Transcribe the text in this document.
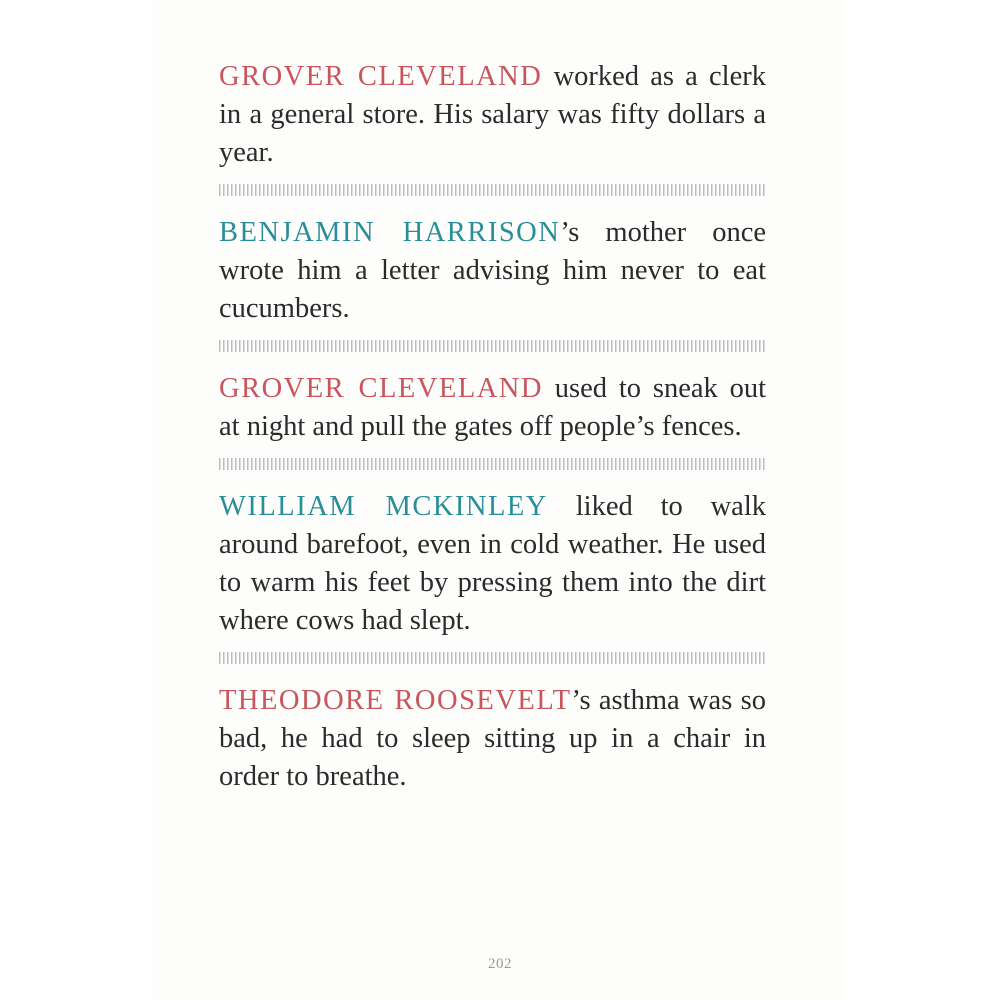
GROVER CLEVELAND worked as a clerk in a general store. His salary was fifty dollars a year.

BENJAMIN HARRISON’s mother once wrote him a letter advising him never to eat cucumbers.

GROVER CLEVELAND used to sneak out at night and pull the gates off people’s fences.

WILLIAM MCKINLEY liked to walk around barefoot, even in cold weather. He used to warm his feet by pressing them into the dirt where cows had slept.

THEODORE ROOSEVELT’s asthma was so bad, he had to sleep sitting up in a chair in order to breathe.

202
